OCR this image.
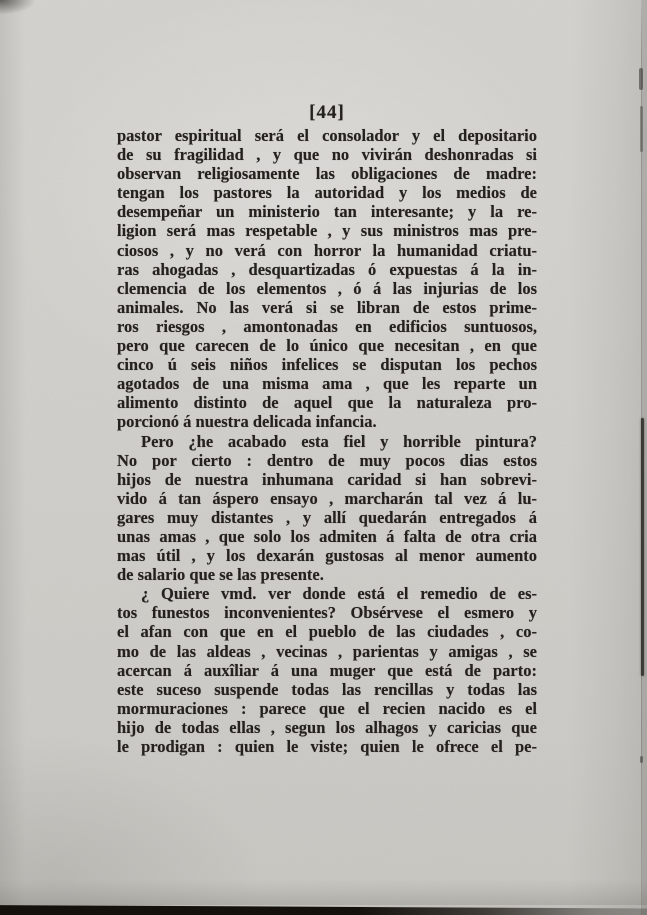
[44]
pastor espiritual será el consolador y el depositario
de su fragilidad , y que no vivirán deshonradas si
observan religiosamente las obligaciones de madre:
tengan los pastores la autoridad y los medios de
desempeñar un ministerio tan interesante; y la re-
ligion será mas respetable , y sus ministros mas pre-
ciosos , y no verá con horror la humanidad criatu-
ras ahogadas , desquartizadas ó expuestas á la in-
clemencia de los elementos , ó á las injurias de los
animales. No las verá si se libran de estos prime-
ros riesgos , amontonadas en edificios suntuosos,
pero que carecen de lo único que necesitan , en que
cinco ú seis niños infelices se disputan los pechos
agotados de una misma ama , que les reparte un
alimento distinto de aquel que la naturaleza pro-
porcionó á nuestra delicada infancia.
Pero ¿he acabado esta fiel y horrible pintura?
No por cierto : dentro de muy pocos dias estos
hijos de nuestra inhumana caridad si han sobrevi-
vido á tan áspero ensayo , marcharán tal vez á lu-
gares muy distantes , y allí quedarán entregados á
unas amas , que solo los admiten á falta de otra cria
mas útil , y los dexarán gustosas al menor aumento
de salario que se las presente.
¿ Quiere vmd. ver donde está el remedio de es-
tos funestos inconvenientes? Obsérvese el esmero y
el afan con que en el pueblo de las ciudades , co-
mo de las aldeas , vecinas , parientas y amigas , se
acercan á auxîliar á una muger que está de parto:
este suceso suspende todas las rencillas y todas las
mormuraciones : parece que el recien nacido es el
hijo de todas ellas , segun los alhagos y caricias que
le prodigan : quien le viste; quien le ofrece el pe-
